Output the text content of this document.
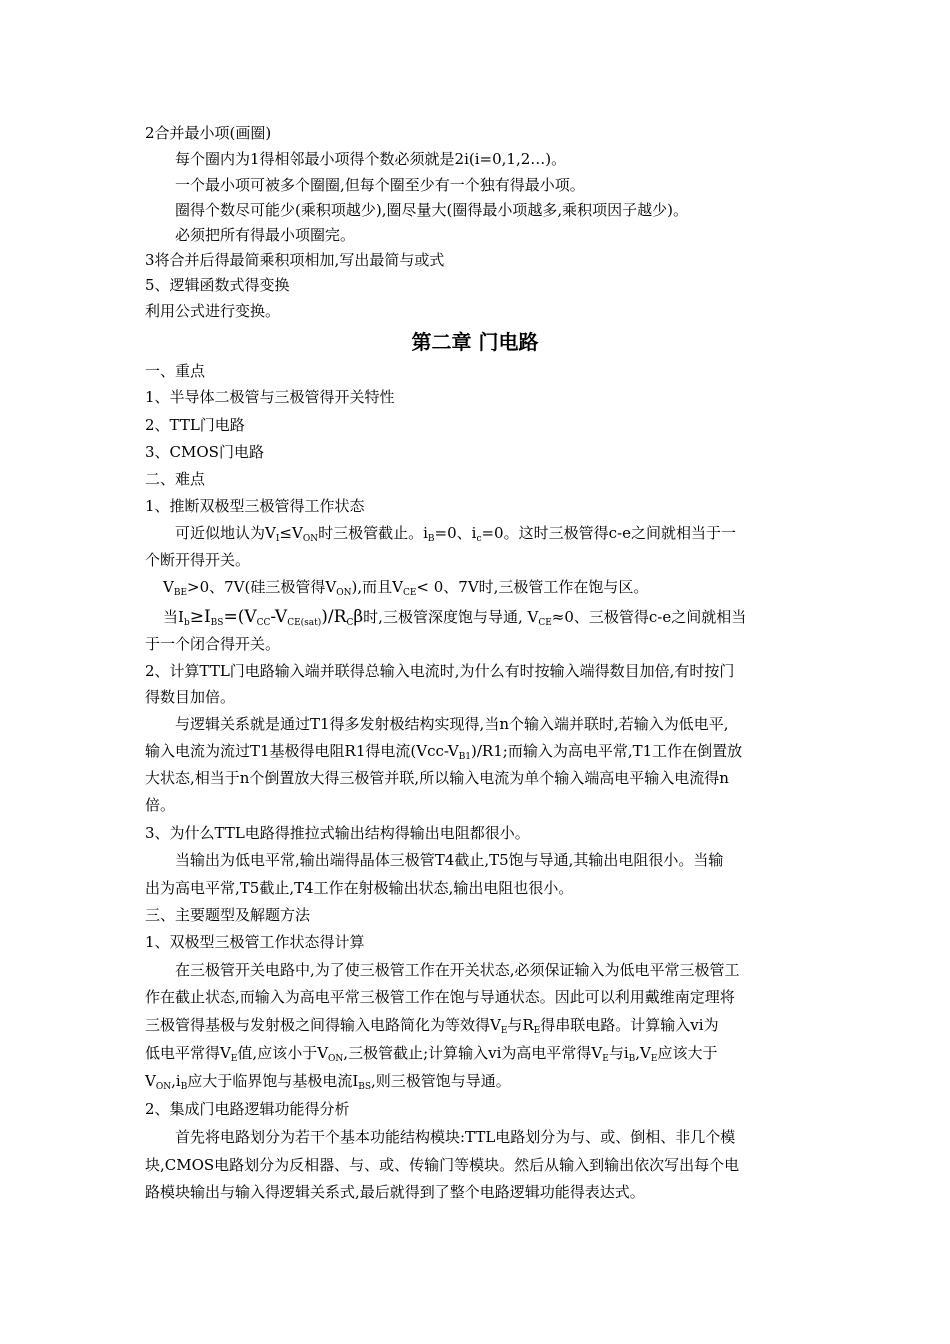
2合并最小项(画圈)
每个圈内为1得相邻最小项得个数必须就是2i(i=0,1,2…)。
一个最小项可被多个圈圈,但每个圈至少有一个独有得最小项。
圈得个数尽可能少(乘积项越少),圈尽量大(圈得最小项越多,乘积项因子越少)。
必须把所有得最小项圈完。
3将合并后得最简乘积项相加,写出最简与或式
5、逻辑函数式得变换
利用公式进行变换。
第二章 门电路
一、重点
1、半导体二极管与三极管得开关特性
2、TTL门电路
3、CMOS门电路
二、难点
1、推断双极型三极管得工作状态
可近似地认为$V_I\le V_{ON}$时三极管截止。$i_B=0$、$i_c=0$。这时三极管得c-e之间就相当于一
个断开得开关。
$V_{BE}>0$、7V(硅三极管得$V_{ON}$),而且$V_{CE}< 0$、7V时,三极管工作在饱与区。
当$I_b\ge I_{BS}=(V_{CC}-V_{CE(sat)})/R_C\beta$时,三极管深度饱与导通, $V_{CE}\approx 0$、三极管得c-e之间就相当
于一个闭合得开关。
2、计算TTL门电路输入端并联得总输入电流时,为什么有时按输入端得数目加倍,有时按门
得数目加倍。
与逻辑关系就是通过T1得多发射极结构实现得,当n个输入端并联时,若输入为低电平,
输入电流为流过T1基极得电阻R1得电流$(Vcc-V_{B1})/R1$;而输入为高电平常,T1工作在倒置放
大状态,相当于n个倒置放大得三极管并联,所以输入电流为单个输入端高电平输入电流得n
倍。
3、为什么TTL电路得推拉式输出结构得输出电阻都很小。
当输出为低电平常,输出端得晶体三极管T4截止,T5饱与导通,其输出电阻很小。当输
出为高电平常,T5截止,T4工作在射极输出状态,输出电阻也很小。
三、主要题型及解题方法
1、双极型三极管工作状态得计算
在三极管开关电路中,为了使三极管工作在开关状态,必须保证输入为低电平常三极管工
作在截止状态,而输入为高电平常三极管工作在饱与导通状态。因此可以利用戴维南定理将
三极管得基极与发射极之间得输入电路简化为等效得$V_E$与$R_E$得串联电路。计算输入vi为
低电平常得$V_E$值,应该小于$V_{ON}$,三极管截止;计算输入vi为高电平常得$V_E$与$i_B,V_E$应该大于
$V_{ON},i_B$应大于临界饱与基极电流$I_{BS}$,则三极管饱与导通。
2、集成门电路逻辑功能得分析
首先将电路划分为若干个基本功能结构模块:TTL电路划分为与、或、倒相、非几个模
块,CMOS电路划分为反相器、与、或、传输门等模块。然后从输入到输出依次写出每个电
路模块输出与输入得逻辑关系式,最后就得到了整个电路逻辑功能得表达式。
